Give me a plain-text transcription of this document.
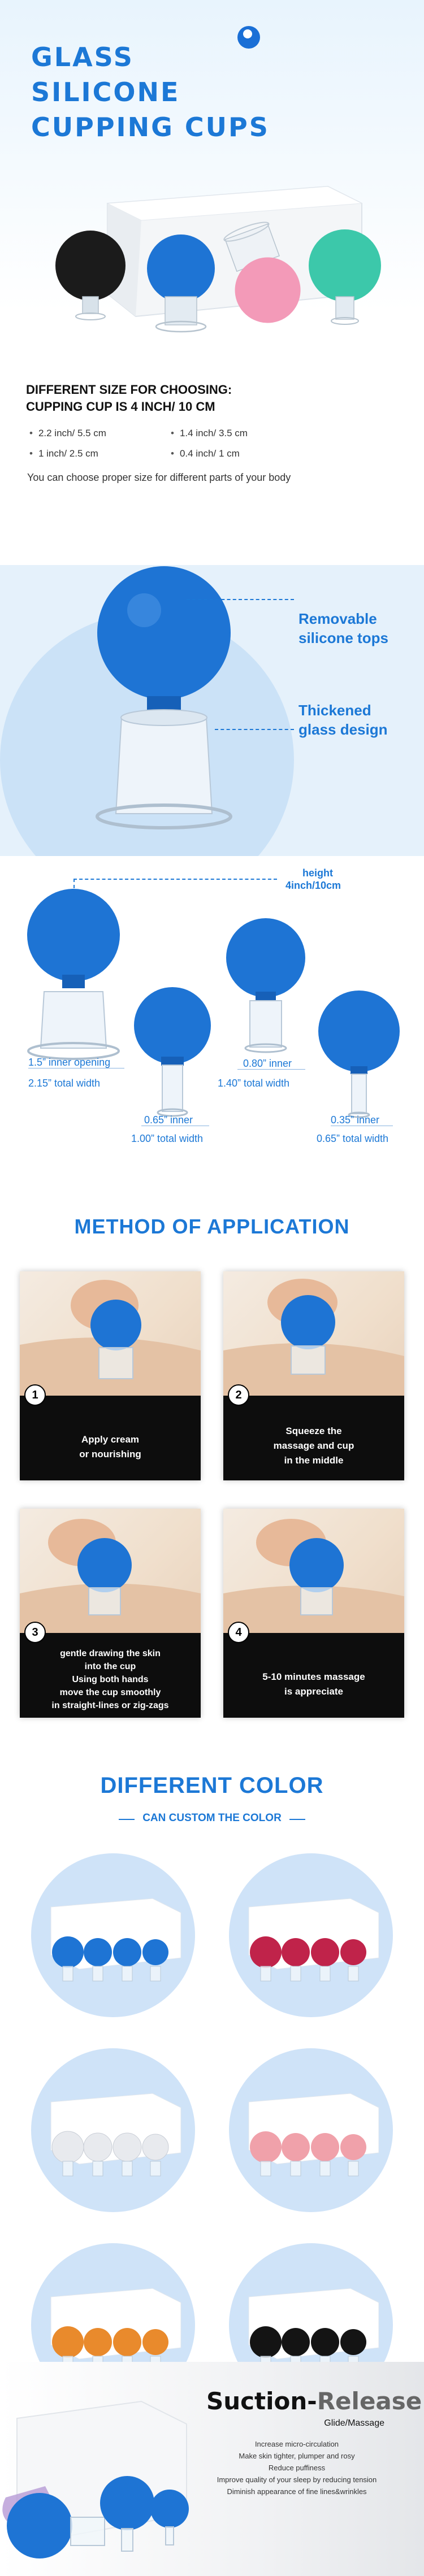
GLASS
SILICONE
CUPPING CUPS

DIFFERENT SIZE FOR CHOOSING:
CUPPING CUP IS 4 INCH/ 10 CM

• 2.2 inch/ 5.5 cm	• 1.4 inch/ 3.5 cm
• 1 inch/ 2.5 cm	• 0.4 inch/ 1 cm

You can choose proper size for different parts of your body

Removable
silicone tops

Thickened
glass design

height
4inch/10cm
1.5” inner opening
2.15” total width
0.65” inner
1.00” total width
0.80” inner
1.40” total width
0.35” inner
0.65” total width
METHOD OF APPLICATION
1

Apply cream
or nourishing

2

Squeeze the
massage and cup
in the middle

3

gentle drawing the skin
into the cup
Using both hands
move the cup smoothly
in straight-lines or zig-zags

4

5-10 minutes massage
is appreciate

DIFFERENT COLOR

CAN CUSTOM THE COLOR

Suction-Release

Glide/Massage

Increase micro-circulation
Make skin tighter, plumper and rosy
Reduce puffiness
Improve quality of your sleep by reducing tension
Diminish appearance of fine lines&wrinkles
